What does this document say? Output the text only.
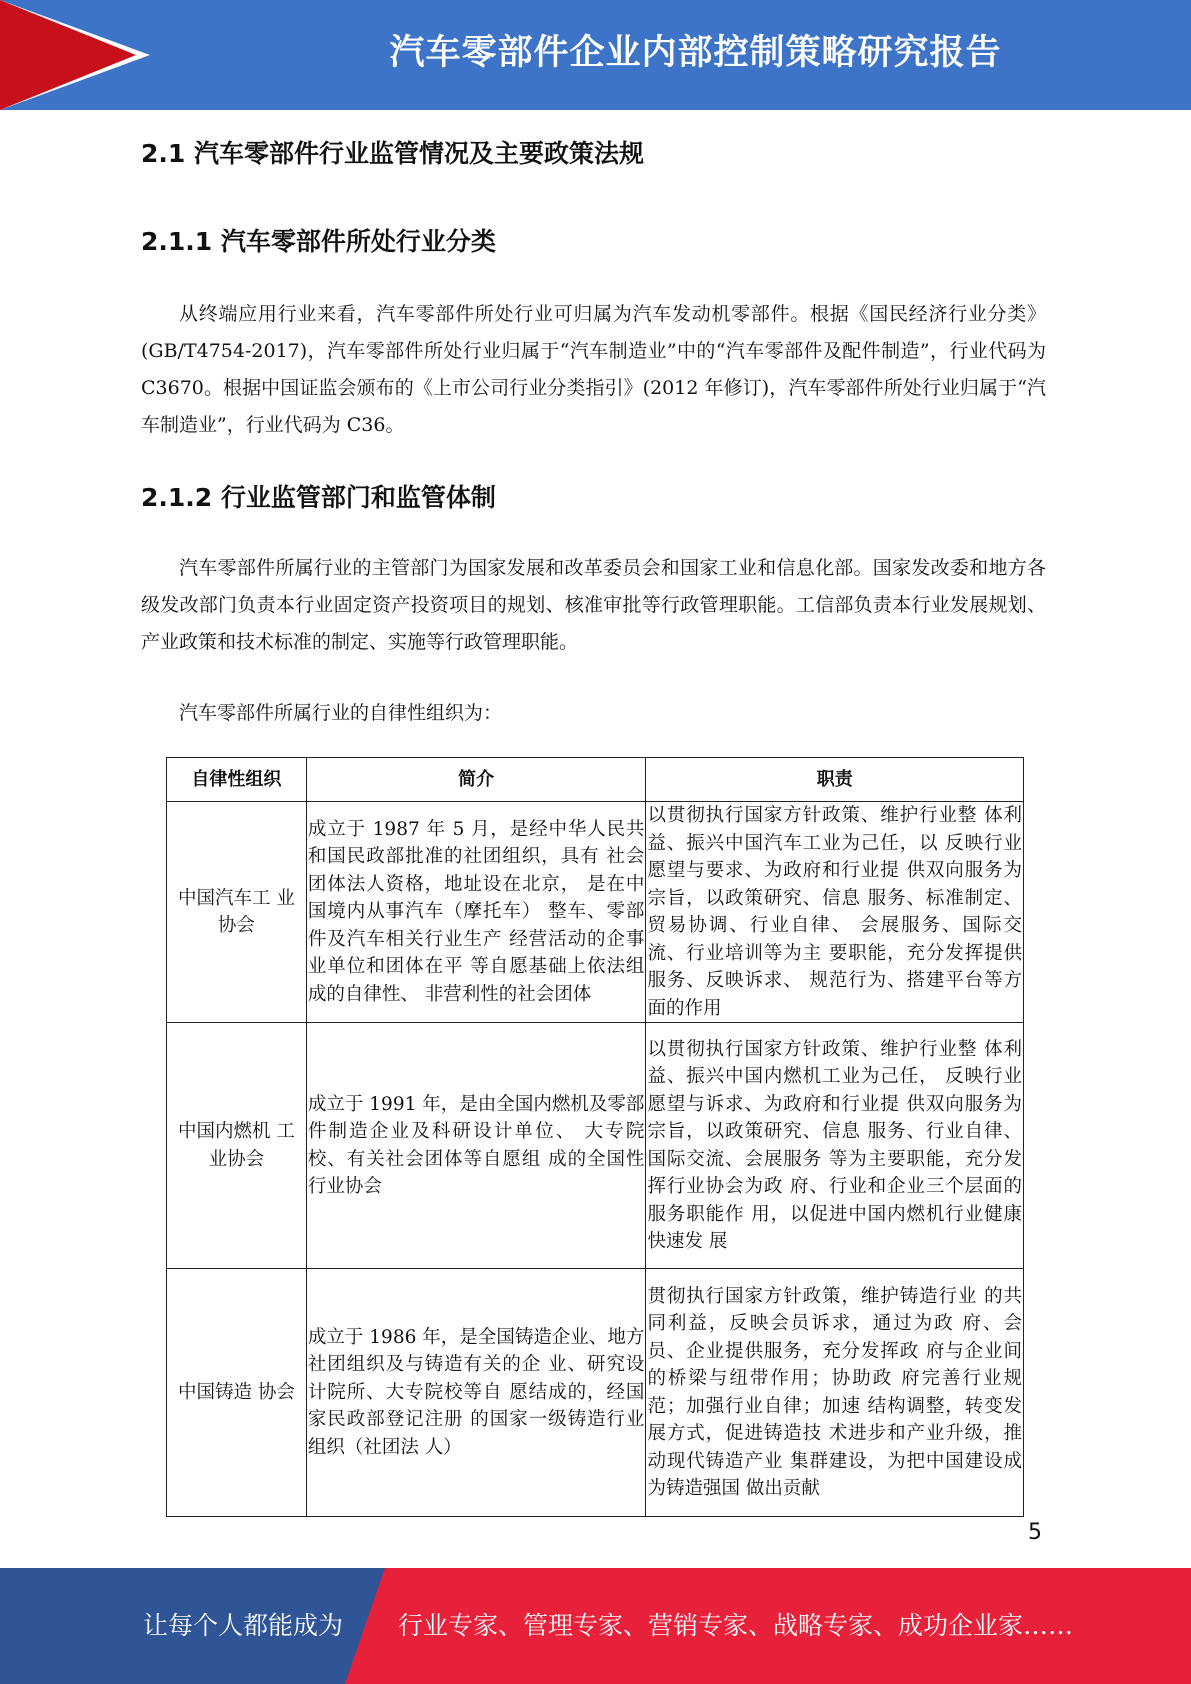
汽车零部件企业内部控制策略研究报告
2.1 汽车零部件行业监管情况及主要政策法规
2.1.1 汽车零部件所处行业分类

从终端应用行业来看，汽车零部件所处行业可归属为汽车发动机零部件。根据《国民经济行业分类》(GB/T4754-2017)，汽车零部件所处行业归属于“汽车制造业”中的“汽车零部件及配件制造”，行业代码为 C3670。根据中国证监会颁布的《上市公司行业分类指引》(2012 年修订)，汽车零部件所处行业归属于“汽车制造业”，行业代码为 C36。

2.1.2 行业监管部门和监管体制

汽车零部件所属行业的主管部门为国家发展和改革委员会和国家工业和信息化部。国家发改委和地方各级发改部门负责本行业固定资产投资项目的规划、核准审批等行政管理职能。工信部负责本行业发展规划、产业政策和技术标准的制定、实施等行政管理职能。

汽车零部件所属行业的自律性组织为：

自律性组织	简介	职责
中国汽车工 业协会	成立于 1987 年 5 月，是经中华人民共和国民政部批准的社团组织，具有 社会团体法人资格，地址设在北京， 是在中国境内从事汽车（摩托车） 整车、零部件及汽车相关行业生产 经营活动的企事业单位和团体在平 等自愿基础上依法组成的自律性、 非营利性的社会团体	以贯彻执行国家方针政策、维护行业整 体利益、振兴中国汽车工业为己任，以 反映行业愿望与要求、为政府和行业提 供双向服务为宗旨，以政策研究、信息 服务、标准制定、贸易协调、行业自律、 会展服务、国际交流、行业培训等为主 要职能，充分发挥提供服务、反映诉求、 规范行为、搭建平台等方面的作用
中国内燃机 工业协会	成立于 1991 年，是由全国内燃机及零部件制造企业及科研设计单位、 大专院校、有关社会团体等自愿组 成的全国性行业协会	以贯彻执行国家方针政策、维护行业整 体利益、振兴中国内燃机工业为己任， 反映行业愿望与诉求、为政府和行业提 供双向服务为宗旨，以政策研究、信息 服务、行业自律、国际交流、会展服务 等为主要职能，充分发挥行业协会为政 府、行业和企业三个层面的服务职能作 用，以促进中国内燃机行业健康快速发 展
中国铸造 协会	成立于 1986 年，是全国铸造企业、地方社团组织及与铸造有关的企 业、研究设计院所、大专院校等自 愿结成的，经国家民政部登记注册 的国家一级铸造行业组织（社团法 人）	贯彻执行国家方针政策，维护铸造行业 的共同利益，反映会员诉求，通过为政 府、会员、企业提供服务，充分发挥政 府与企业间的桥梁与纽带作用；协助政 府完善行业规范；加强行业自律；加速 结构调整，转变发展方式，促进铸造技 术进步和产业升级，推动现代铸造产业 集群建设，为把中国建设成为铸造强国 做出贡献
5
让每个人都能成为 行业专家、管理专家、营销专家、战略专家、成功企业家……
